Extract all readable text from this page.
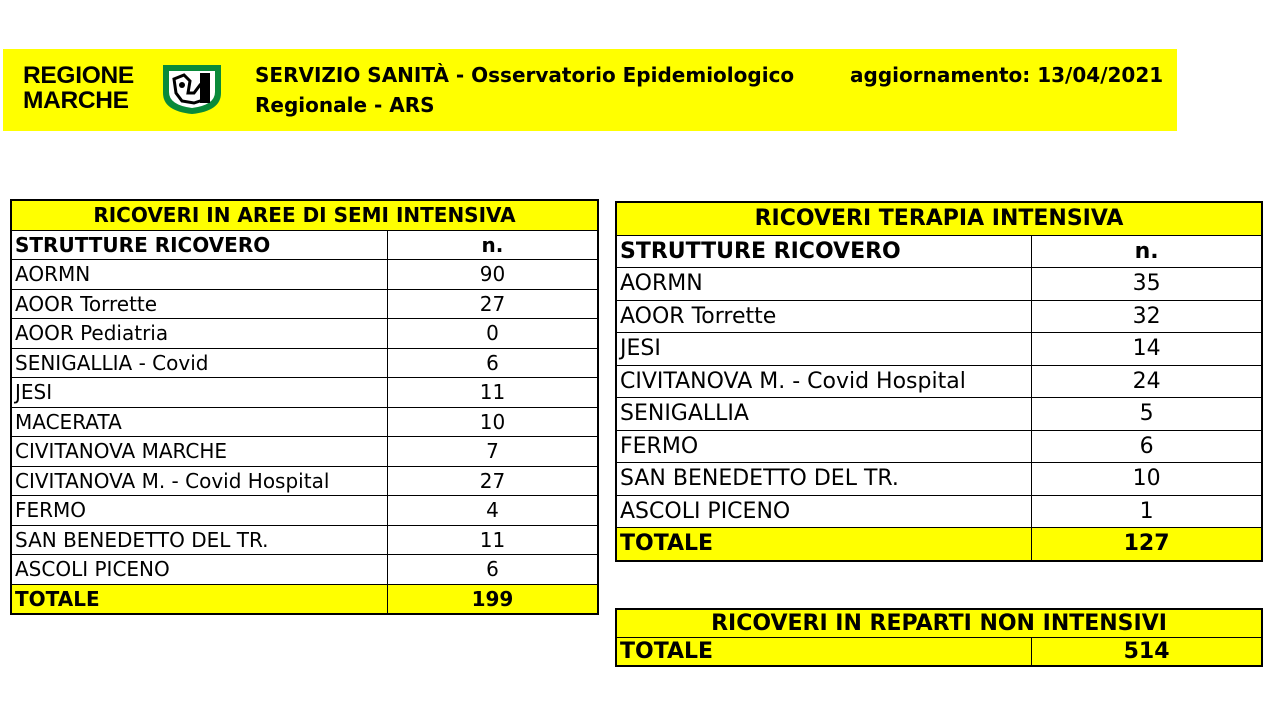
REGIONE
MARCHE
SERVIZIO SANITÀ - Osservatorio Epidemiologico
Regionale - ARS
aggiornamento: 13/04/2021
RICOVERI IN AREE DI SEMI INTENSIVA	
STRUTTURE RICOVERO	n.
AORMN	90
AOOR Torrette	27
AOOR Pediatria	0
SENIGALLIA - Covid	6
JESI	11
MACERATA	10
CIVITANOVA MARCHE	7
CIVITANOVA M. - Covid Hospital	27
FERMO	4
SAN BENEDETTO DEL TR.	11
ASCOLI PICENO	6
TOTALE	199
RICOVERI TERAPIA INTENSIVA	
STRUTTURE RICOVERO	n.
AORMN	35
AOOR Torrette	32
JESI	14
CIVITANOVA M. - Covid Hospital	24
SENIGALLIA	5
FERMO	6
SAN BENEDETTO DEL TR.	10
ASCOLI PICENO	1
TOTALE	127
RICOVERI IN REPARTI NON INTENSIVI
TOTALE	514
